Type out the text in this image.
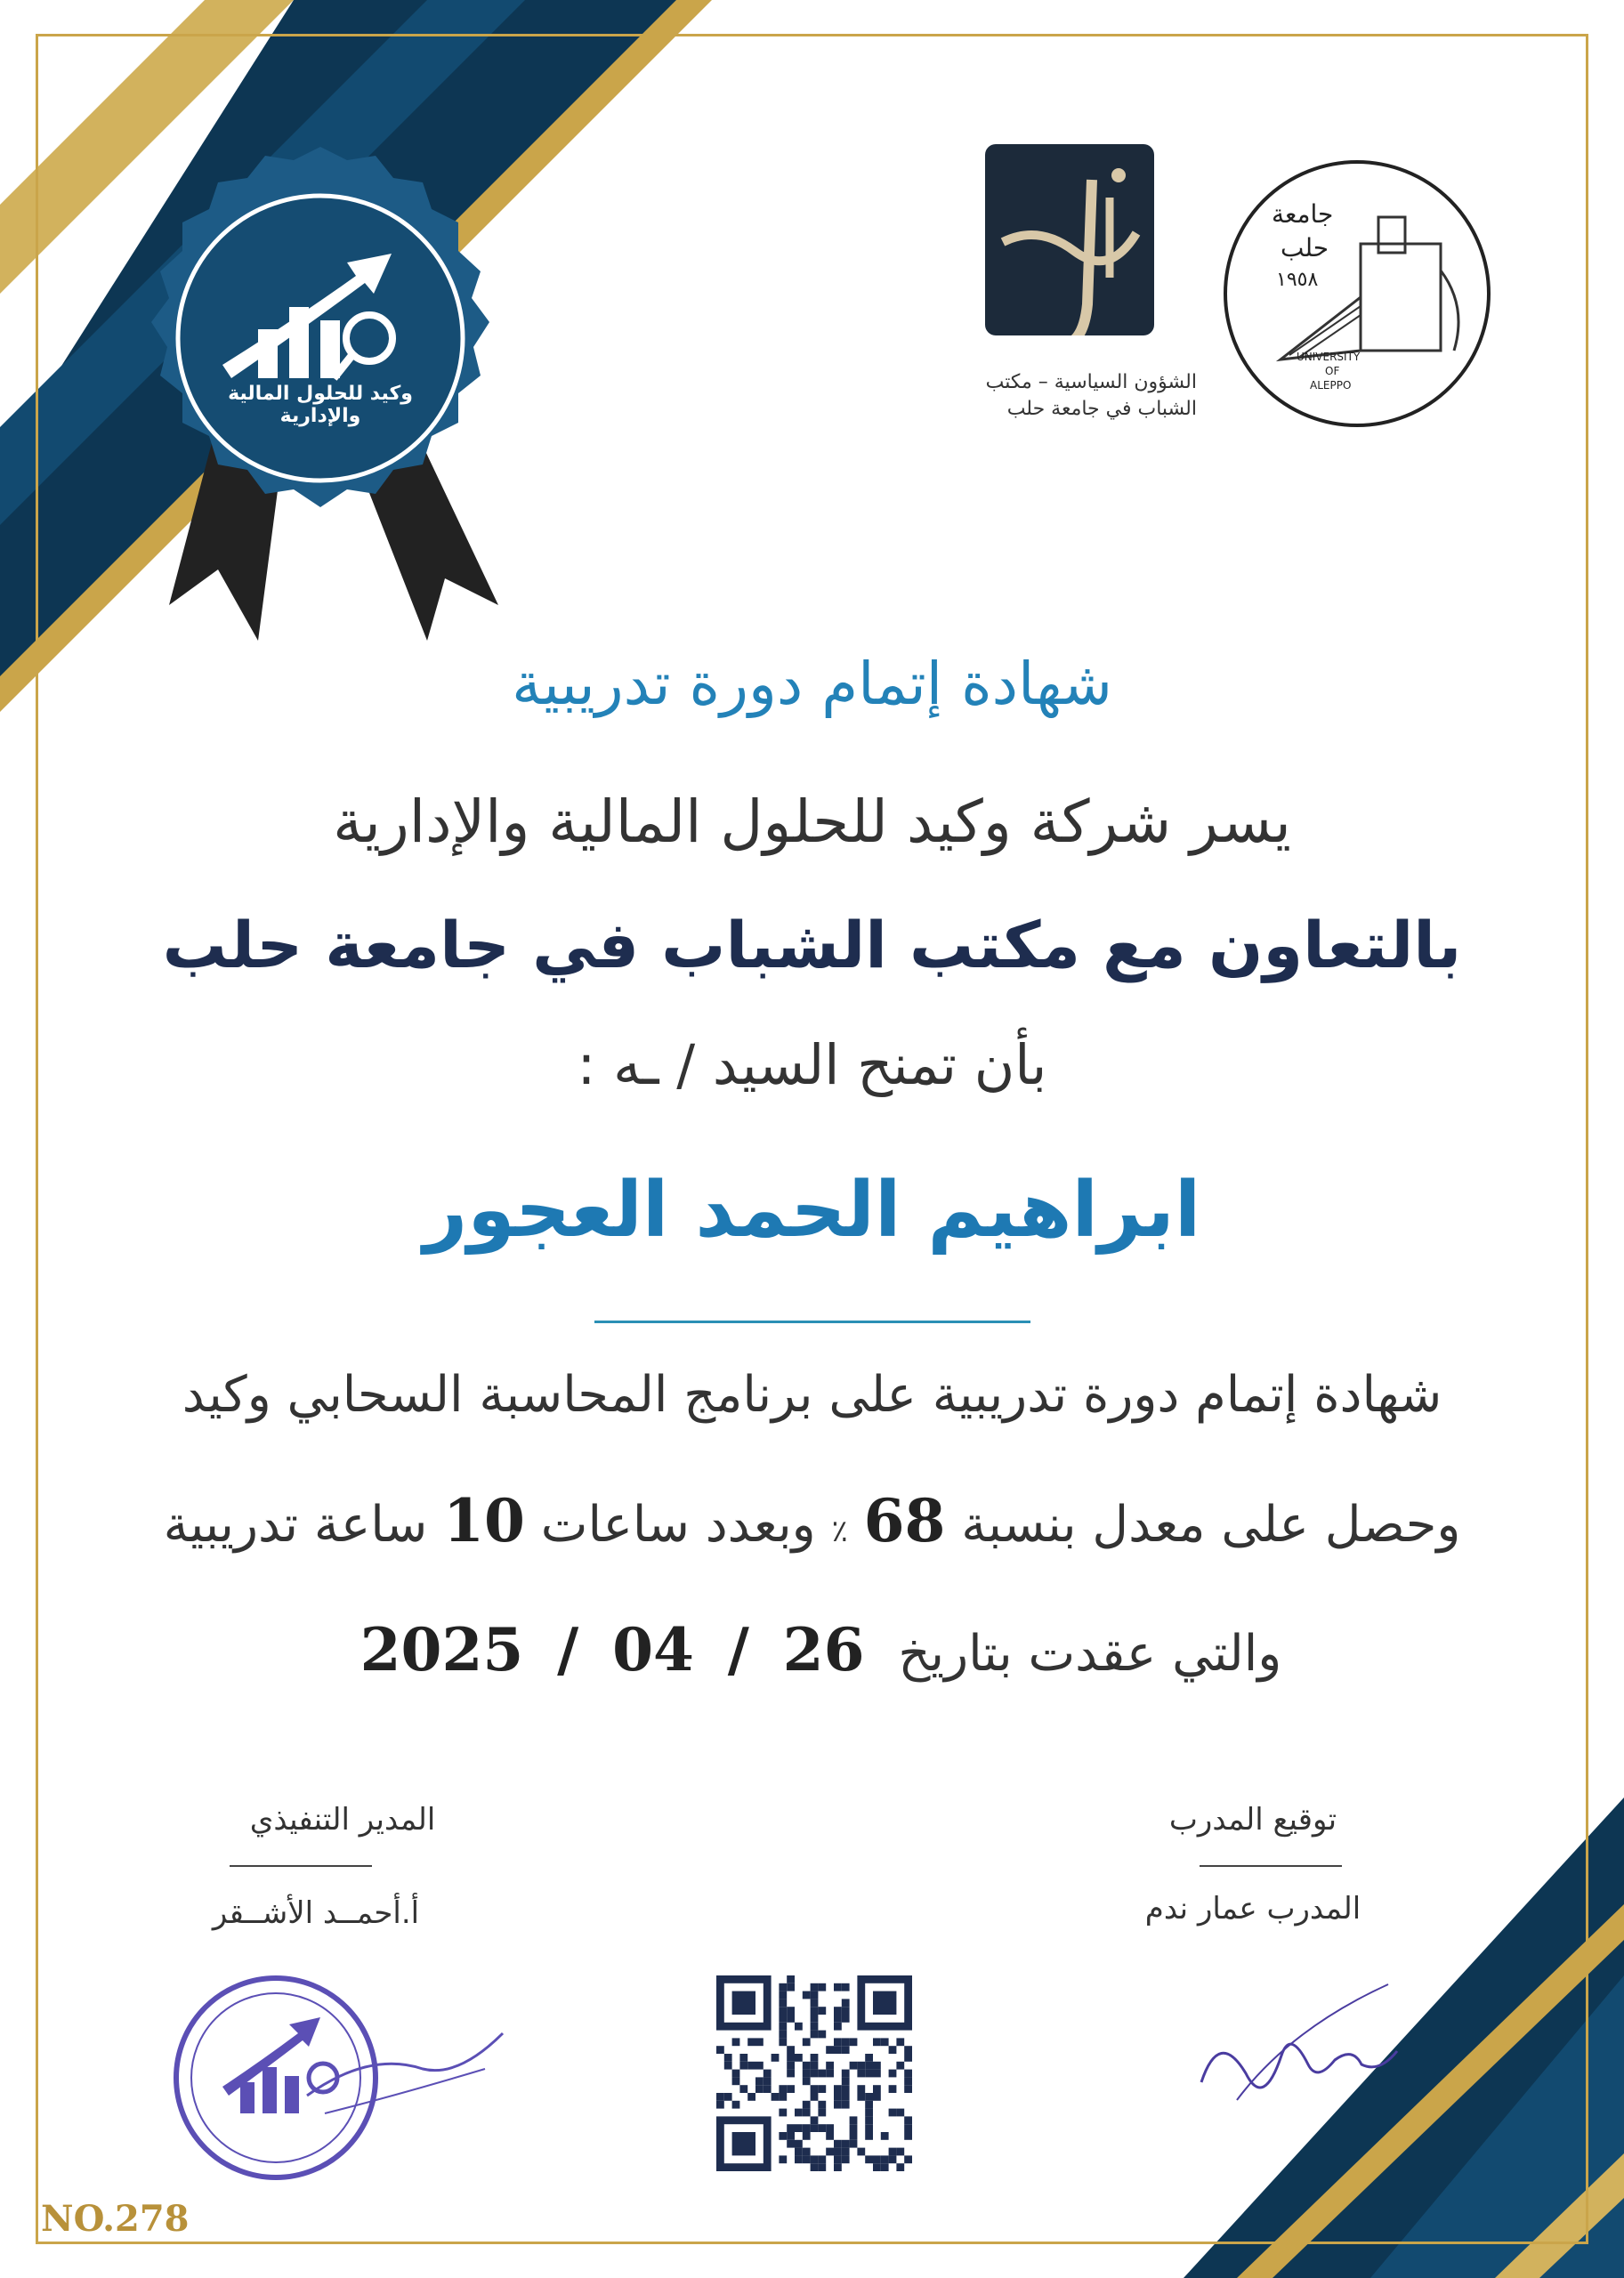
وكيد للحلول المالية والإدارية
الشؤون السياسية – مكتب
الشباب في جامعة حلب
جامعة
حلب
١٩٥٨
UNIVERSITY
OF
ALEPPO
شهادة إتمام دورة تدريبية
يسر شركة وكيد للحلول المالية والإدارية
بالتعاون مع مكتب الشباب في جامعة حلب
بأن تمنح السيد / ـه :
ابراهيم الحمد العجور
شهادة إتمام دورة تدريبية على برنامج المحاسبة السحابي وكيد
وحصل على معدل بنسبة 68 ٪ وبعدد ساعات 10 ساعة تدريبية
والتي عقدت بتاريخ 26 / 04 / 2025
توقيع المدرب
المدرب عمار ندم
المدير التنفيذي
أ.أحمــد الأشــقر
NO.278
